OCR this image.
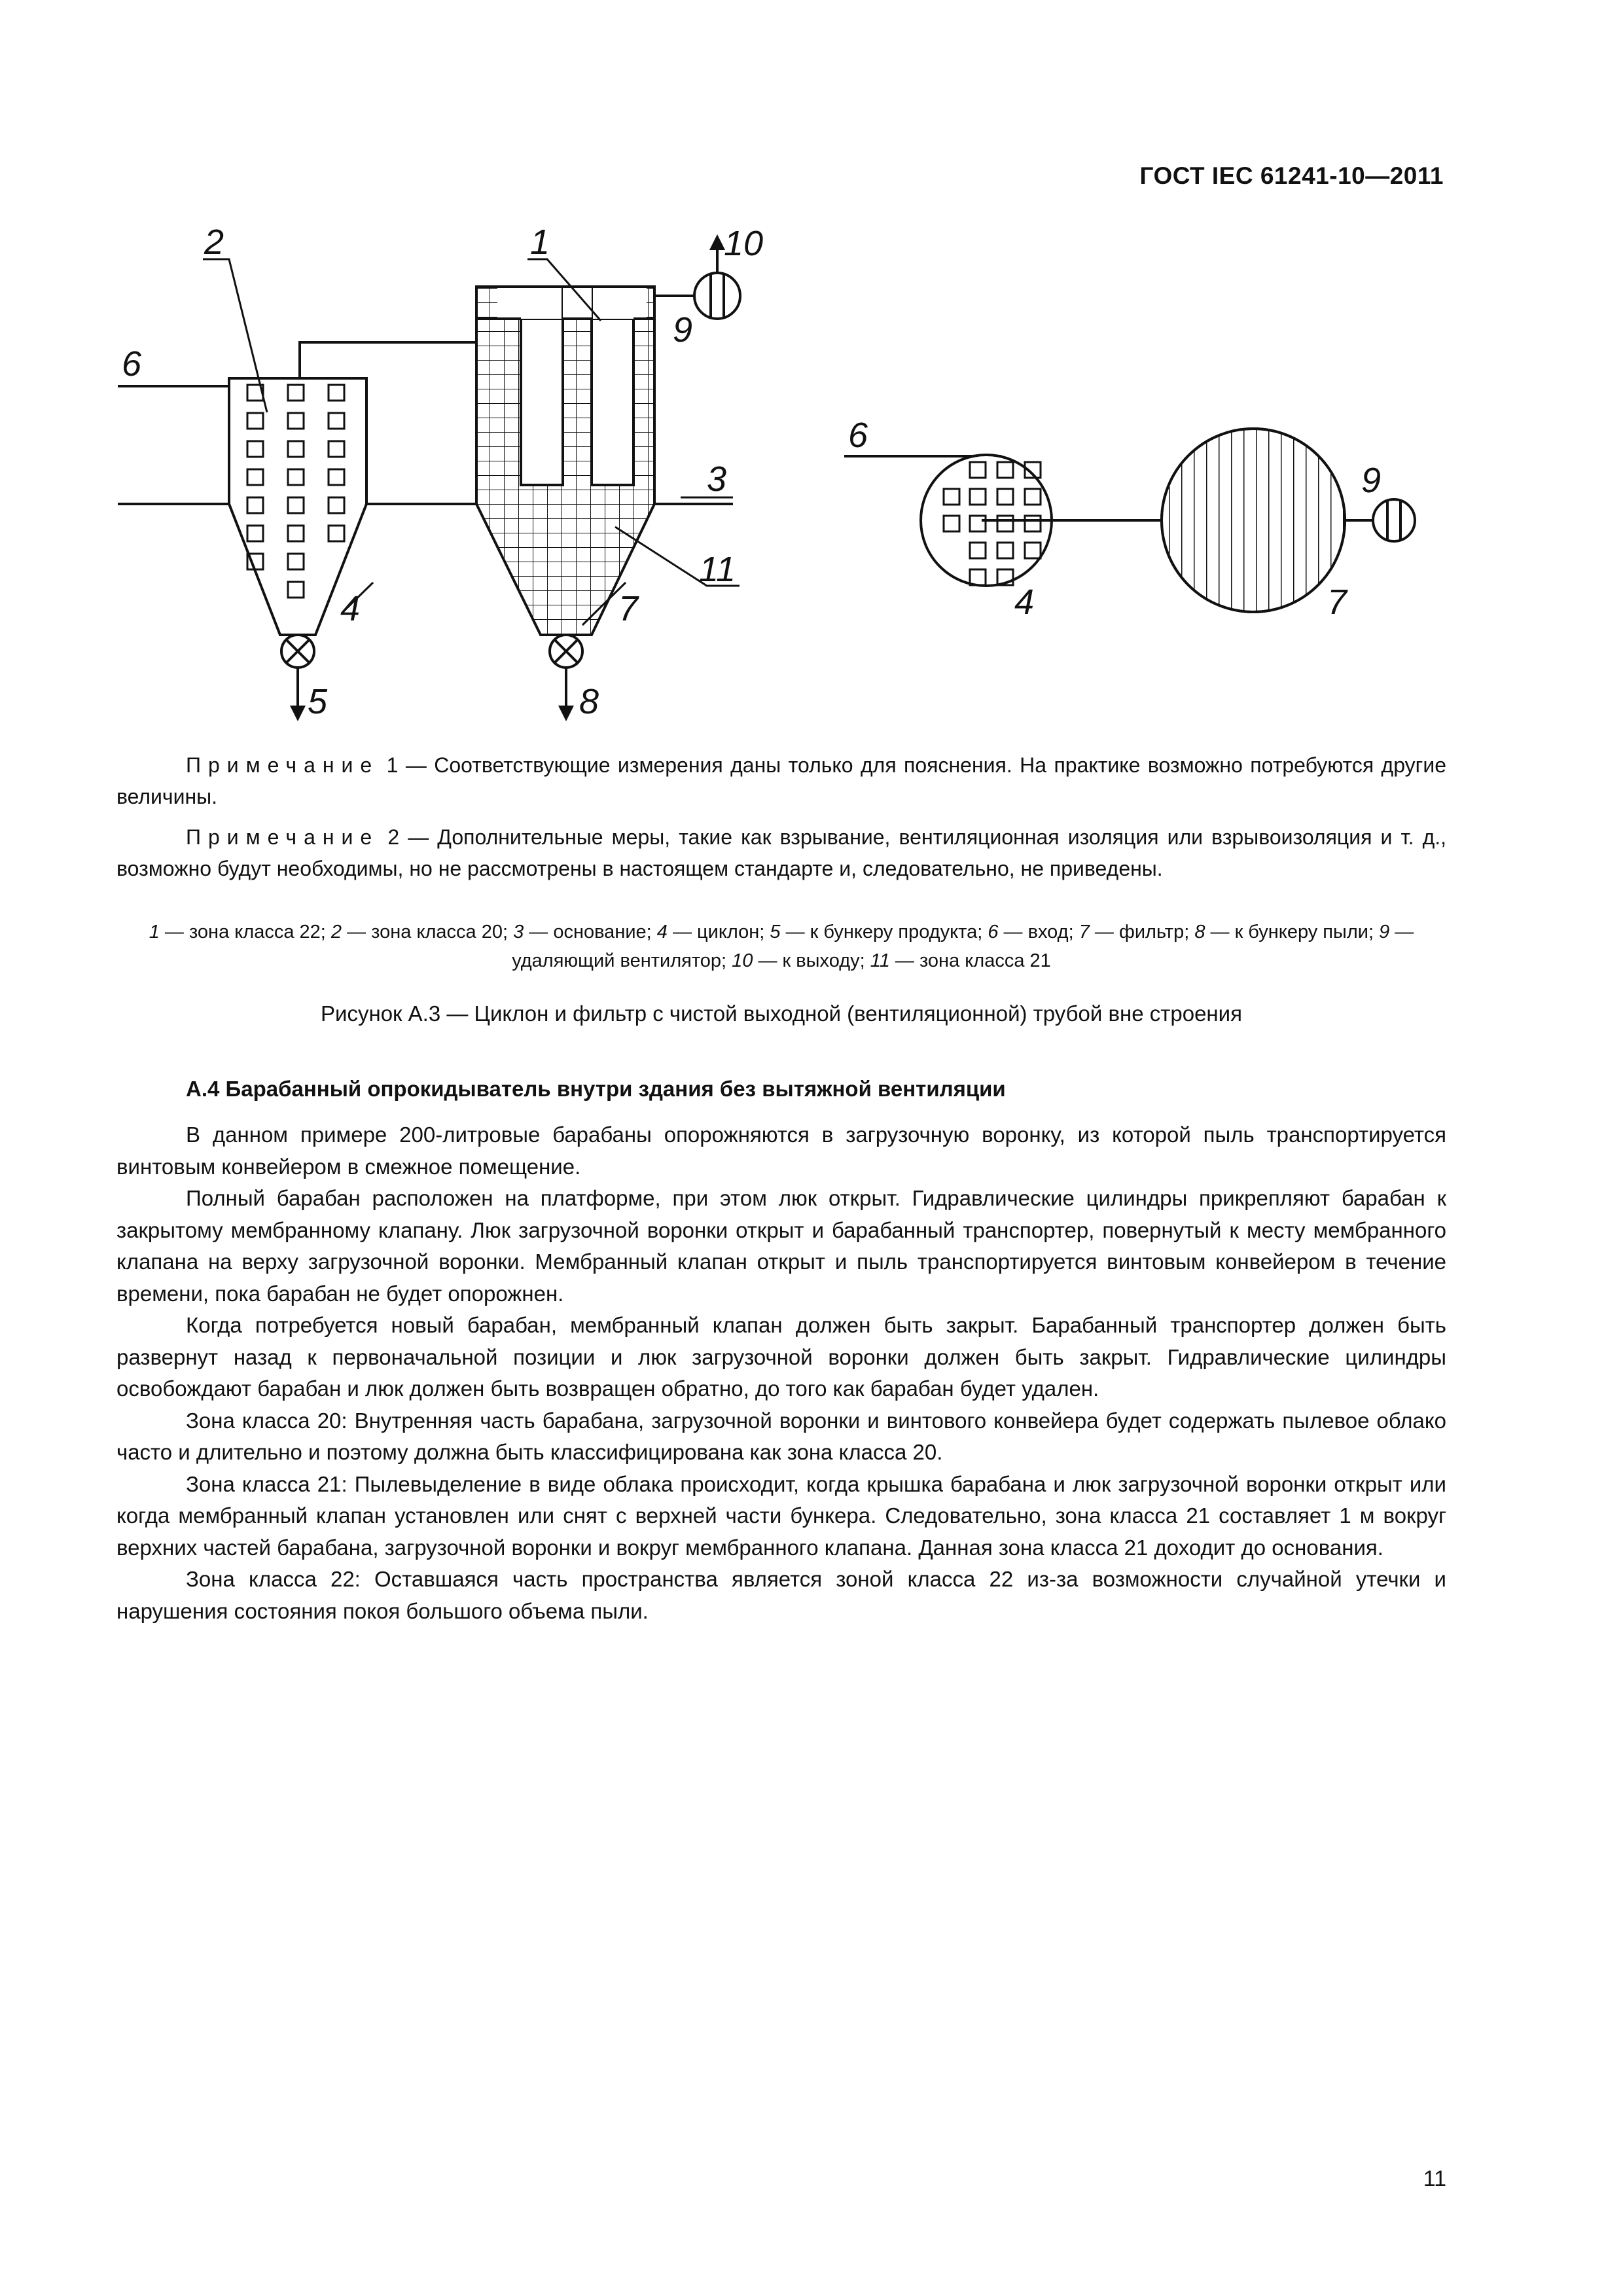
ГОСТ IEC 61241-10—2011
2	1	10
9
6
3
11
4	7
5	8
6
9
4	7
Примечание 1 — Соответствующие измерения даны только для пояснения. На практике возможно потребуются другие величины.
Примечание 2 — Дополнительные меры, такие как взрывание, вентиляционная изоляция или взрывоизоляция и т. д., возможно будут необходимы, но не рассмотрены в настоящем стандарте и, следовательно, не приведены.
1 — зона класса 22; 2 — зона класса 20; 3 — основание; 4 — циклон; 5 — к бункеру продукта; 6 — вход; 7 — фильтр; 8 — к бункеру пыли; 9 — удаляющий вентилятор; 10 — к выходу; 11 — зона класса 21
Рисунок А.3 — Циклон и фильтр с чистой выходной (вентиляционной) трубой вне строения
А.4 Барабанный опрокидыватель внутри здания без вытяжной вентиляции

В данном примере 200-литровые барабаны опорожняются в загрузочную воронку, из которой пыль транспортируется винтовым конвейером в смежное помещение.

Полный барабан расположен на платформе, при этом люк открыт. Гидравлические цилиндры прикрепляют барабан к закрытому мембранному клапану. Люк загрузочной воронки открыт и барабанный транспортер, повернутый к месту мембранного клапана на верху загрузочной воронки. Мембранный клапан открыт и пыль транспортируется винтовым конвейером в течение времени, пока барабан не будет опорожнен.

Когда потребуется новый барабан, мембранный клапан должен быть закрыт. Барабанный транспортер должен быть развернут назад к первоначальной позиции и люк загрузочной воронки должен быть закрыт. Гидравлические цилиндры освобождают барабан и люк должен быть возвращен обратно, до того как барабан будет удален.

Зона класса 20: Внутренняя часть барабана, загрузочной воронки и винтового конвейера будет содержать пылевое облако часто и длительно и поэтому должна быть классифицирована как зона класса 20.

Зона класса 21: Пылевыделение в виде облака происходит, когда крышка барабана и люк загрузочной воронки открыт или когда мембранный клапан установлен или снят с верхней части бункера. Следовательно, зона класса 21 составляет 1 м вокруг верхних частей барабана, загрузочной воронки и вокруг мембранного клапана. Данная зона класса 21 доходит до основания.

Зона класса 22: Оставшаяся часть пространства является зоной класса 22 из-за возможности случайной утечки и нарушения состояния покоя большого объема пыли.

11
